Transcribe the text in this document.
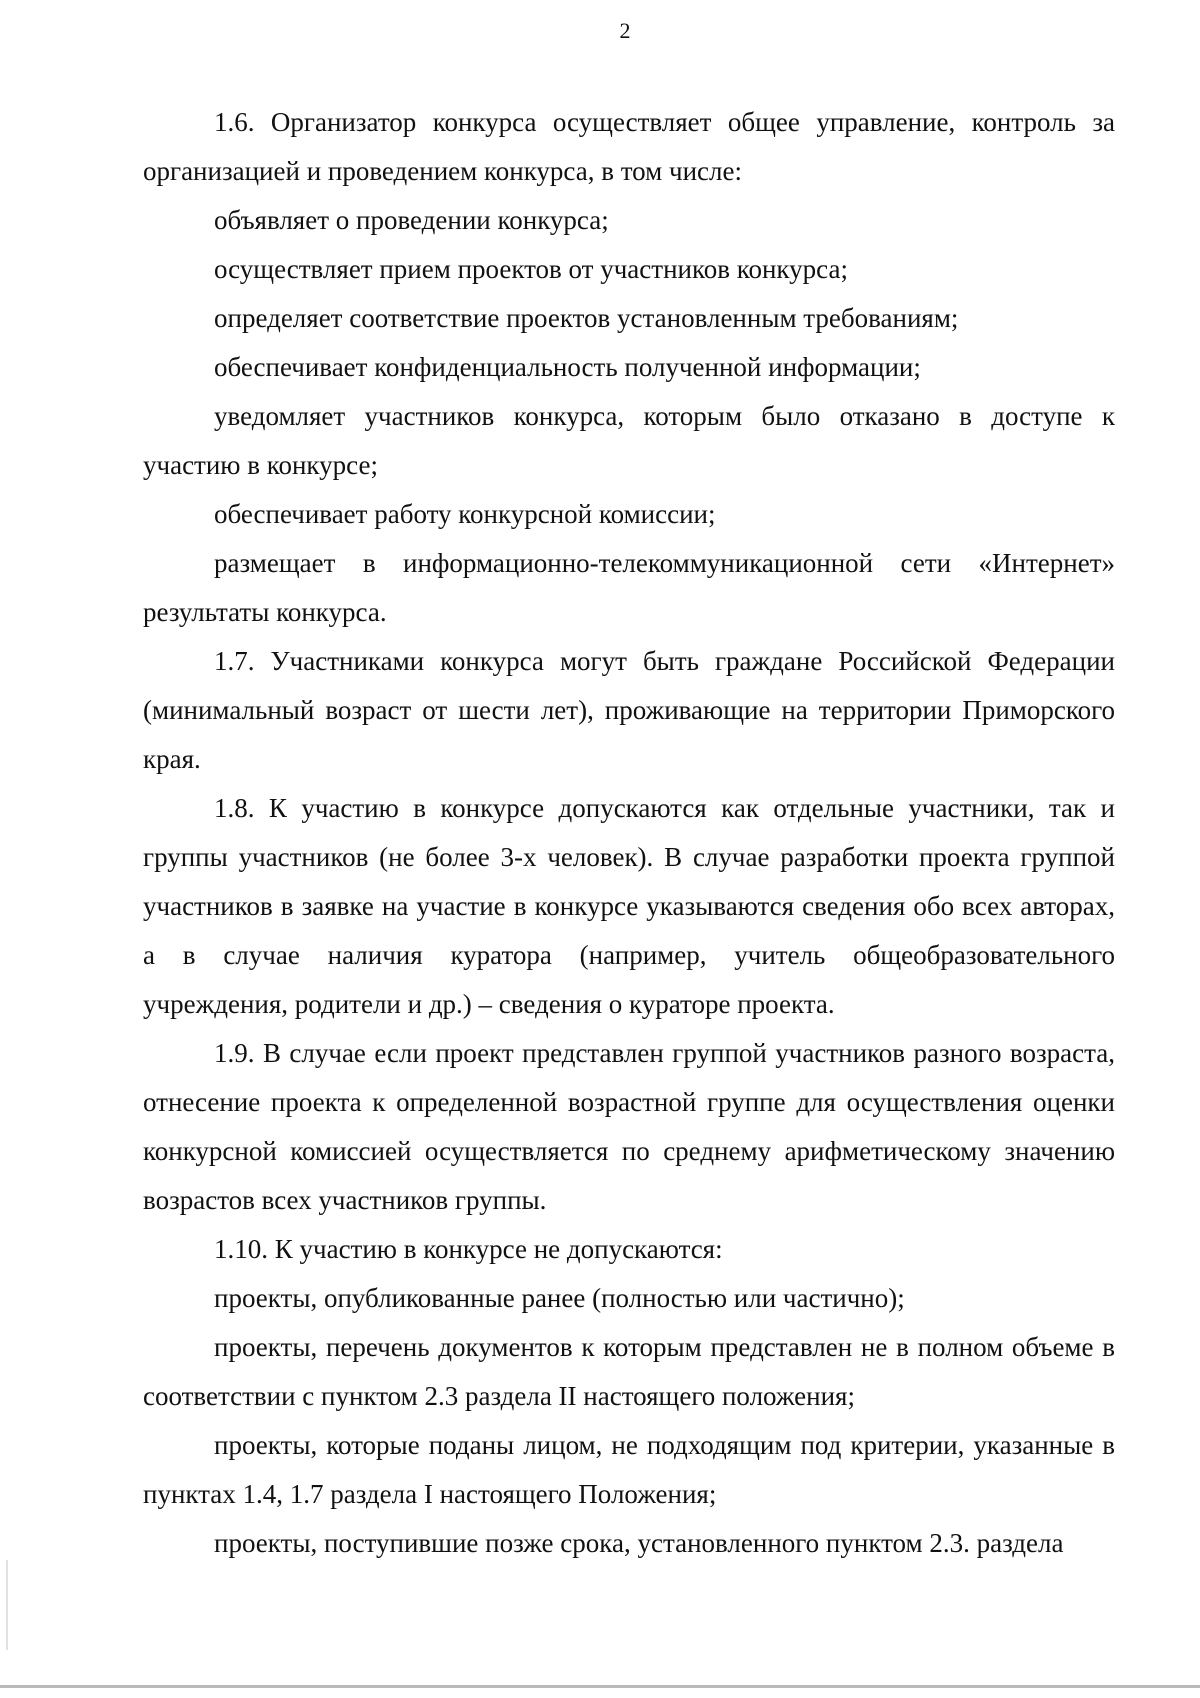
2

1.6. Организатор конкурса осуществляет общее управление, контроль за организацией и проведением конкурса, в том числе:

объявляет о проведении конкурса;

осуществляет прием проектов от участников конкурса;

определяет соответствие проектов установленным требованиям;

обеспечивает конфиденциальность полученной информации;

уведомляет участников конкурса, которым было отказано в доступе к участию в конкурсе;

обеспечивает работу конкурсной комиссии;

размещает в информационно-телекоммуникационной сети «Интернет» результаты конкурса.

1.7. Участниками конкурса могут быть граждане Российской Федерации (минимальный возраст от шести лет), проживающие на территории Приморского края.

1.8. К участию в конкурсе допускаются как отдельные участники, так и группы участников (не более 3-х человек). В случае разработки проекта группой участников в заявке на участие в конкурсе указываются сведения обо всех авторах, а в случае наличия куратора (например, учитель общеобразовательного учреждения, родители и др.) – сведения о кураторе проекта.

1.9. В случае если проект представлен группой участников разного возраста, отнесение проекта к определенной возрастной группе для осуществления оценки конкурсной комиссией осуществляется по среднему арифметическому значению возрастов всех участников группы.

1.10. К участию в конкурсе не допускаются:

проекты, опубликованные ранее (полностью или частично);

проекты, перечень документов к которым представлен не в полном объеме в соответствии с пунктом 2.3 раздела II настоящего положения;

проекты, которые поданы лицом, не подходящим под критерии, указанные в пунктах 1.4, 1.7 раздела I настоящего Положения;

проекты, поступившие позже срока, установленного пунктом 2.3. раздела
